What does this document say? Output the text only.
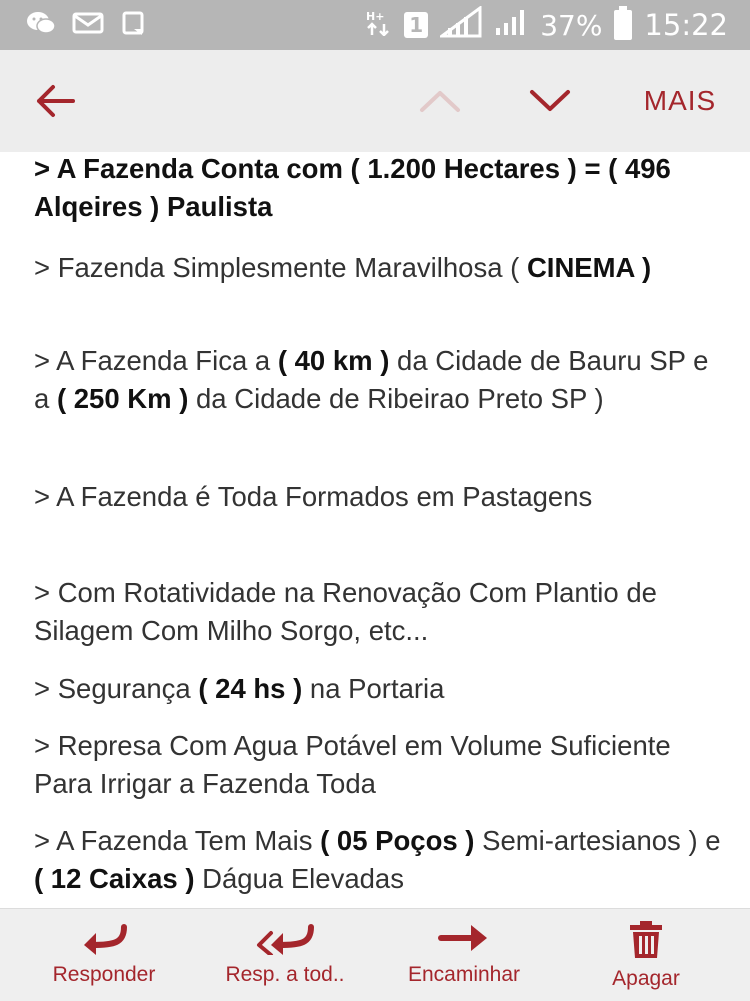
H+ 1	37% 15:22
MAIS
> A Fazenda Conta com ( 1.200 Hectares ) = ( 496 Alqeires ) Paulista
> Fazenda Simplesmente Maravilhosa ( CINEMA )
> A Fazenda Fica a ( 40 km ) da Cidade de Bauru SP e a ( 250 Km ) da Cidade de Ribeirao Preto SP )
> A Fazenda é Toda Formados em Pastagens
> Com Rotatividade na Renovação Com Plantio de Silagem Com Milho Sorgo, etc...
> Segurança ( 24 hs ) na Portaria
> Represa Com Agua Potável em Volume Suficiente Para Irrigar a Fazenda Toda
> A Fazenda Tem Mais ( 05 Poços ) Semi-artesianos ) e ( 12 Caixas ) Dágua Elevadas
Responder	Resp. a tod..	Encaminhar	Apagar
